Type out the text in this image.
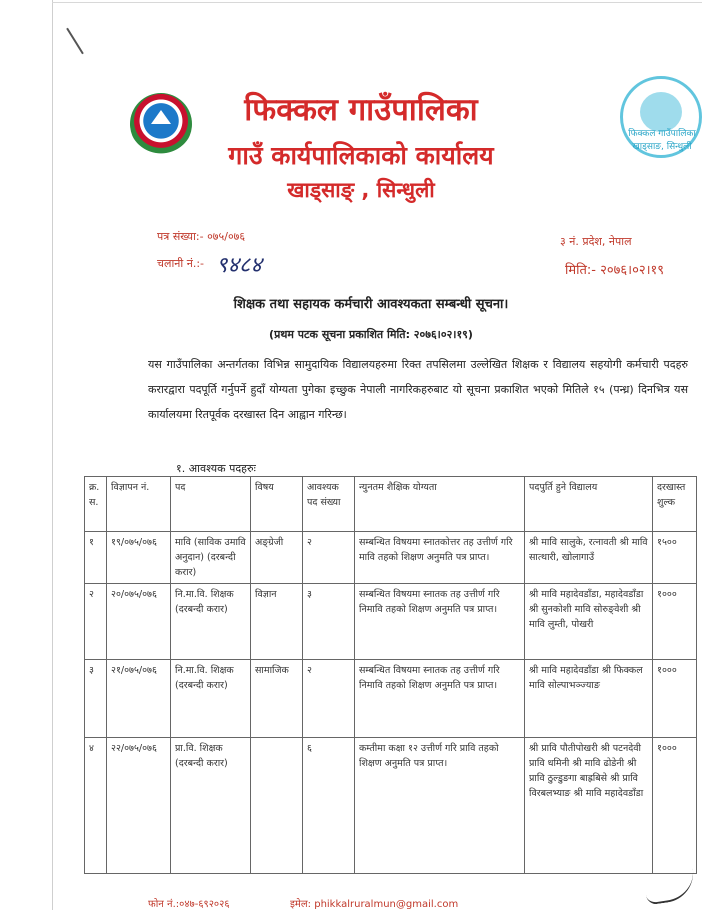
फिक्कल गाउँपालिका
गाउँ कार्यपालिकाको कार्यालय
खाड्साङ् , सिन्धुली
फिक्कल गाउँपालिका खाड्साङ, सिन्धुली
पत्र संख्या:- ०७५/०७६
चलानी नं.:- ९४८४
३ नं. प्रदेश, नेपाल
मिति:- २०७६।०२।१९
शिक्षक तथा सहायक कर्मचारी आवश्यकता सम्बन्धी सूचना।
(प्रथम पटक सूचना प्रकाशित मिति: २०७६।०२।१९)
यस गाउँपालिका अन्तर्गतका विभिन्न सामुदायिक विद्यालयहरुमा रिक्त तपसिलमा उल्लेखित शिक्षक र विद्यालय सहयोगी कर्मचारी पदहरु करारद्वारा पदपूर्ति गर्नुपर्ने हुदाँ योग्यता पुगेका इच्छुक नेपाली नागरिकहरुबाट यो सूचना प्रकाशित भएको मितिले १५ (पन्ध्र) दिनभित्र यस कार्यालयमा रितपूर्वक दरखास्त दिन आह्वान गरिन्छ।
१. आवश्यक पदहरुः
क्र. स.	विज्ञापन नं.	पद	विषय	आवश्यक पद संख्या	न्युनतम शैक्षिक योग्यता	पदपुर्ति हुने विद्यालय	दरखास्त शुल्क
१	१९/०७५/०७६	मावि (साविक उमावि अनुदान) (दरबन्दी करार)	अङ्ग्रेजी	२	सम्बन्धित विषयमा स्नातकोत्तर तह उत्तीर्ण गरि मावि तहको शिक्षण अनुमति पत्र प्राप्त।	श्री मावि सालुके, रत्नावती श्री मावि सात्थारी, खोलागाउँ	१५००
२	२०/०७५/०७६	नि.मा.वि. शिक्षक (दरबन्दी करार)	विज्ञान	३	सम्बन्धित विषयमा स्नातक तह उत्तीर्ण गरि निमावि तहको शिक्षण अनुमति पत्र प्राप्त।	श्री मावि महादेवडाँडा, महादेवडाँडा श्री सुनकोशी मावि सोरुङ्वेशी श्री मावि लुम्ती, पोखरी	१०००
३	२१/०७५/०७६	नि.मा.वि. शिक्षक (दरबन्दी करार)	सामाजिक	२	सम्बन्धित विषयमा स्नातक तह उत्तीर्ण गरि निमावि तहको शिक्षण अनुमति पत्र प्राप्त।	श्री मावि महादेवडाँडा श्री फिक्कल मावि सोल्पाभञ्ज्याङ	१०००
४	२२/०७५/०७६	प्रा.वि. शिक्षक (दरबन्दी करार)		६	कम्तीमा कक्षा १२ उत्तीर्ण गरि प्रावि तहको शिक्षण अनुमति पत्र प्राप्त।	श्री प्रावि पौतीपोखरी श्री पटनदेवी प्रावि धमिनी श्री मावि ढोडेनी श्री प्रावि ठुल्डुङगा बाह्रबिसे श्री प्रावि विरबलभ्याङ श्री मावि महादेवडाँडा	१०००
फोन नं.:०४७-६९२०२६	इमेल: phikkalruralmun@gmail.com
